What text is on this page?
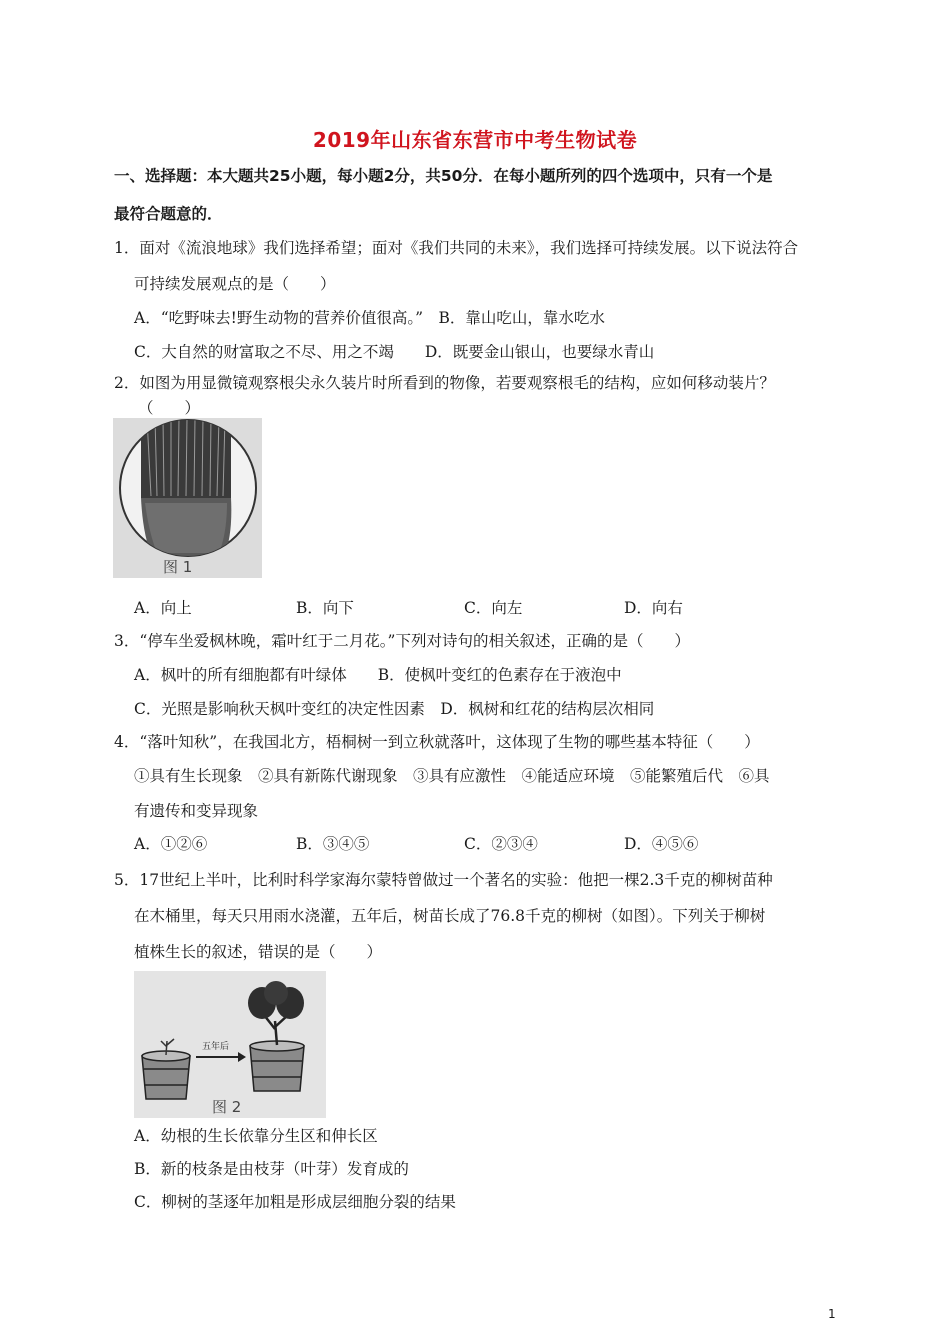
2019年山东省东营市中考生物试卷
一、选择题：本大题共25小题，每小题2分，共50分．在每小题所列的四个选项中，只有一个是
最符合题意的．
1．面对《流浪地球》我们选择希望；面对《我们共同的未来》，我们选择可持续发展。以下说法符合
可持续发展观点的是（　　）
A．“吃野味去!野生动物的营养价值很高。”　B．靠山吃山，靠水吃水
C．大自然的财富取之不尽、用之不竭　　D．既要金山银山，也要绿水青山
2．如图为用显微镜观察根尖永久装片时所看到的物像，若要观察根毛的结构，应如何移动装片？
（　　）
图 1
A．向上	B．向下	C．向左	D．向右
3．“停车坐爱枫林晚，霜叶红于二月花。”下列对诗句的相关叙述，正确的是（　　）
A．枫叶的所有细胞都有叶绿体　　B．使枫叶变红的色素存在于液泡中
C．光照是影响秋天枫叶变红的决定性因素　D．枫树和红花的结构层次相同
4．“落叶知秋”，在我国北方，梧桐树一到立秋就落叶，这体现了生物的哪些基本特征（　　）
①具有生长现象　②具有新陈代谢现象　③具有应激性　④能适应环境　⑤能繁殖后代　⑥具
有遗传和变异现象
A．①②⑥	B．③④⑤	C．②③④	D．④⑤⑥
5．17世纪上半叶，比利时科学家海尔蒙特曾做过一个著名的实验：他把一棵2.3千克的柳树苗种
在木桶里，每天只用雨水浇灌，五年后，树苗长成了76.8千克的柳树（如图）。下列关于柳树
植株生长的叙述，错误的是（　　）
五年后
图 2
A．幼根的生长依靠分生区和伸长区
B．新的枝条是由枝芽（叶芽）发育成的
C．柳树的茎逐年加粗是形成层细胞分裂的结果
1
